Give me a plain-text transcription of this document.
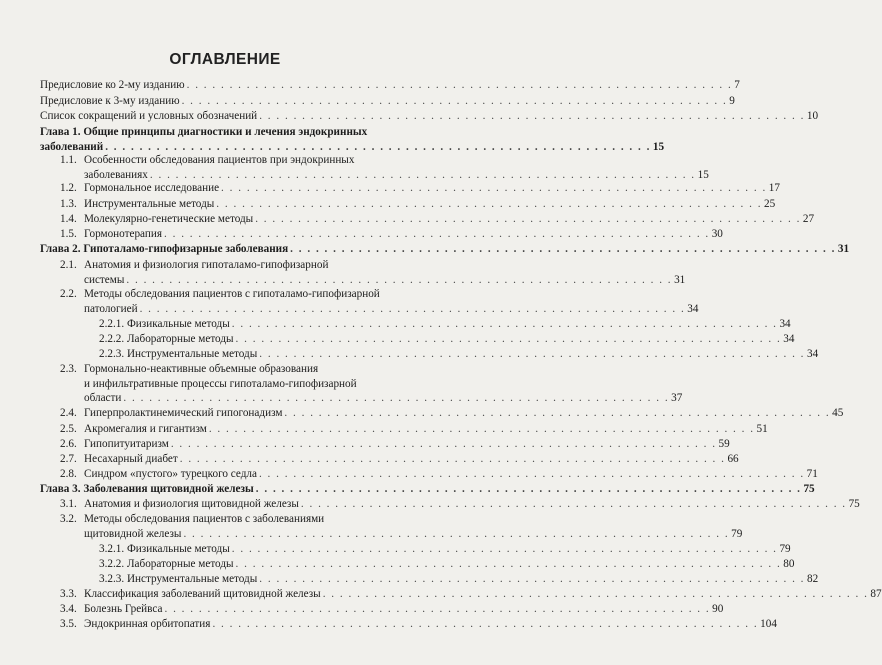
ОГЛАВЛЕНИЕ
Предисловие ко 2-му изданию . . . . . . . . . . . . . . . . . . . . . . . . . . . . . . . . . . . . . . . . . . . . . . . . . . . . . . . . . . . . . . . . 7
Предисловие к 3-му изданию . . . . . . . . . . . . . . . . . . . . . . . . . . . . . . . . . . . . . . . . . . . . . . . . . . . . . . . . . . . . . . . . 9
Список сокращений и условных обозначений . . . . . . . . . . . . . . . . . . . . . . . . . . . . . . . . . . . . . . . . . . . . . . . . . . . . . . . . . . . . . . . . 10
Глава 1. Общие принципы диагностики и лечения эндокринных
заболеваний . . . . . . . . . . . . . . . . . . . . . . . . . . . . . . . . . . . . . . . . . . . . . . . . . . . . . . . . . . . . . . . . 15
1.1. Особенности обследования пациентов при эндокринных
заболеваниях . . . . . . . . . . . . . . . . . . . . . . . . . . . . . . . . . . . . . . . . . . . . . . . . . . . . . . . . . . . . . . . . 15
1.2. Гормональное исследование . . . . . . . . . . . . . . . . . . . . . . . . . . . . . . . . . . . . . . . . . . . . . . . . . . . . . . . . . . . . . . . . 17
1.3. Инструментальные методы . . . . . . . . . . . . . . . . . . . . . . . . . . . . . . . . . . . . . . . . . . . . . . . . . . . . . . . . . . . . . . . . 25
1.4. Молекулярно-генетические методы . . . . . . . . . . . . . . . . . . . . . . . . . . . . . . . . . . . . . . . . . . . . . . . . . . . . . . . . . . . . . . . . 27
1.5. Гормонотерапия . . . . . . . . . . . . . . . . . . . . . . . . . . . . . . . . . . . . . . . . . . . . . . . . . . . . . . . . . . . . . . . . 30
Глава 2. Гипоталамо-гипофизарные заболевания . . . . . . . . . . . . . . . . . . . . . . . . . . . . . . . . . . . . . . . . . . . . . . . . . . . . . . . . . . . . . . . . 31
2.1. Анатомия и физиология гипоталамо-гипофизарной
системы . . . . . . . . . . . . . . . . . . . . . . . . . . . . . . . . . . . . . . . . . . . . . . . . . . . . . . . . . . . . . . . . 31
2.2. Методы обследования пациентов с гипоталамо-гипофизарной
патологией . . . . . . . . . . . . . . . . . . . . . . . . . . . . . . . . . . . . . . . . . . . . . . . . . . . . . . . . . . . . . . . . 34
2.2.1. Физикальные методы . . . . . . . . . . . . . . . . . . . . . . . . . . . . . . . . . . . . . . . . . . . . . . . . . . . . . . . . . . . . . . . . 34
2.2.2. Лабораторные методы . . . . . . . . . . . . . . . . . . . . . . . . . . . . . . . . . . . . . . . . . . . . . . . . . . . . . . . . . . . . . . . . 34
2.2.3. Инструментальные методы . . . . . . . . . . . . . . . . . . . . . . . . . . . . . . . . . . . . . . . . . . . . . . . . . . . . . . . . . . . . . . . . 34
2.3. Гормонально-неактивные объемные образования
и инфильтративные процессы гипоталамо-гипофизарной
области . . . . . . . . . . . . . . . . . . . . . . . . . . . . . . . . . . . . . . . . . . . . . . . . . . . . . . . . . . . . . . . . 37
2.4. Гиперпролактинемический гипогонадизм . . . . . . . . . . . . . . . . . . . . . . . . . . . . . . . . . . . . . . . . . . . . . . . . . . . . . . . . . . . . . . . . 45
2.5. Акромегалия и гигантизм . . . . . . . . . . . . . . . . . . . . . . . . . . . . . . . . . . . . . . . . . . . . . . . . . . . . . . . . . . . . . . . . 51
2.6. Гипопитуитаризм . . . . . . . . . . . . . . . . . . . . . . . . . . . . . . . . . . . . . . . . . . . . . . . . . . . . . . . . . . . . . . . . 59
2.7. Несахарный диабет . . . . . . . . . . . . . . . . . . . . . . . . . . . . . . . . . . . . . . . . . . . . . . . . . . . . . . . . . . . . . . . . 66
2.8. Синдром «пустого» турецкого седла . . . . . . . . . . . . . . . . . . . . . . . . . . . . . . . . . . . . . . . . . . . . . . . . . . . . . . . . . . . . . . . . 71
Глава 3. Заболевания щитовидной железы . . . . . . . . . . . . . . . . . . . . . . . . . . . . . . . . . . . . . . . . . . . . . . . . . . . . . . . . . . . . . . . . 75
3.1. Анатомия и физиология щитовидной железы . . . . . . . . . . . . . . . . . . . . . . . . . . . . . . . . . . . . . . . . . . . . . . . . . . . . . . . . . . . . . . . . 75
3.2. Методы обследования пациентов с заболеваниями
щитовидной железы . . . . . . . . . . . . . . . . . . . . . . . . . . . . . . . . . . . . . . . . . . . . . . . . . . . . . . . . . . . . . . . . 79
3.2.1. Физикальные методы . . . . . . . . . . . . . . . . . . . . . . . . . . . . . . . . . . . . . . . . . . . . . . . . . . . . . . . . . . . . . . . . 79
3.2.2. Лабораторные методы . . . . . . . . . . . . . . . . . . . . . . . . . . . . . . . . . . . . . . . . . . . . . . . . . . . . . . . . . . . . . . . . 80
3.2.3. Инструментальные методы . . . . . . . . . . . . . . . . . . . . . . . . . . . . . . . . . . . . . . . . . . . . . . . . . . . . . . . . . . . . . . . . 82
3.3. Классификация заболеваний щитовидной железы . . . . . . . . . . . . . . . . . . . . . . . . . . . . . . . . . . . . . . . . . . . . . . . . . . . . . . . . . . . . . . . . 87
3.4. Болезнь Грейвса . . . . . . . . . . . . . . . . . . . . . . . . . . . . . . . . . . . . . . . . . . . . . . . . . . . . . . . . . . . . . . . . 90
3.5. Эндокринная орбитопатия . . . . . . . . . . . . . . . . . . . . . . . . . . . . . . . . . . . . . . . . . . . . . . . . . . . . . . . . . . . . . . . . 104
